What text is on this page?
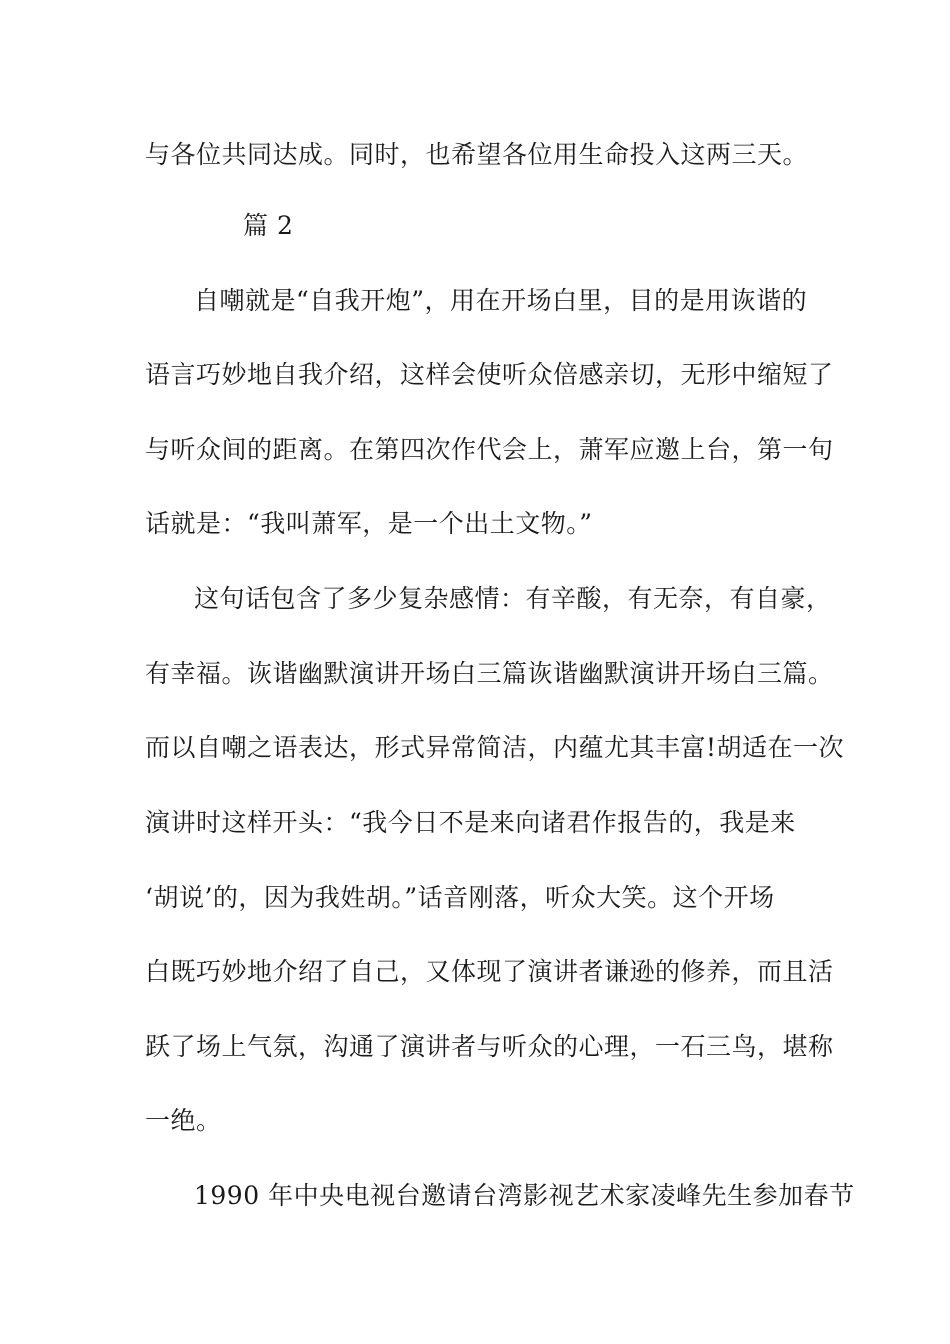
与各位共同达成。同时，也希望各位用生命投入这两三天。

篇 2

自嘲就是“自我开炮”，用在开场白里，目的是用诙谐的

语言巧妙地自我介绍，这样会使听众倍感亲切，无形中缩短了

与听众间的距离。在第四次作代会上，萧军应邀上台，第一句

话就是：“我叫萧军，是一个出土文物。”

这句话包含了多少复杂感情：有辛酸，有无奈，有自豪，

有幸福。诙谐幽默演讲开场白三篇诙谐幽默演讲开场白三篇。

而以自嘲之语表达，形式异常简洁，内蕴尤其丰富!胡适在一次

演讲时这样开头：“我今日不是来向诸君作报告的，我是来

‘胡说’的，因为我姓胡。”话音刚落，听众大笑。这个开场

白既巧妙地介绍了自己，又体现了演讲者谦逊的修养，而且活

跃了场上气氛，沟通了演讲者与听众的心理，一石三鸟，堪称

一绝。

1990 年中央电视台邀请台湾影视艺术家凌峰先生参加春节
